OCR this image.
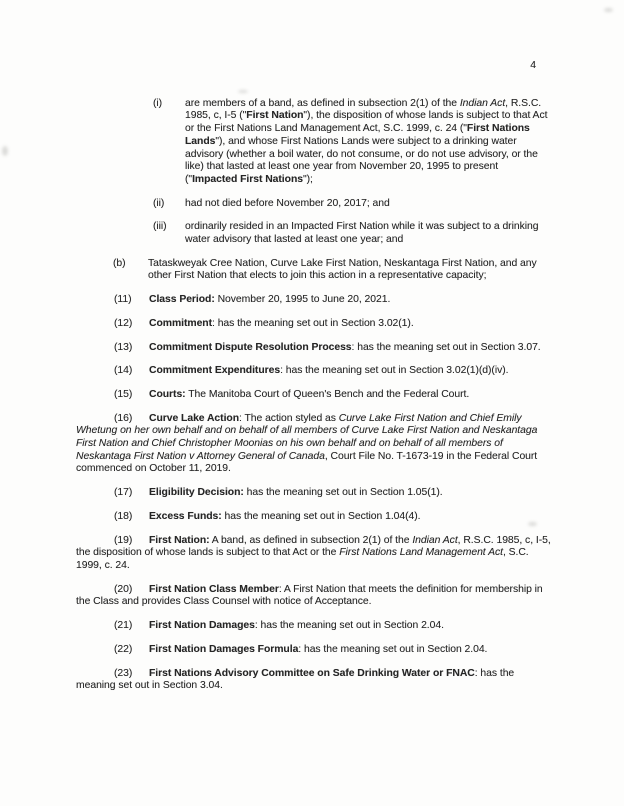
4

(i) are members of a band, as defined in subsection 2(1) of the Indian Act, R.S.C. 1985, c, I-5 ("First Nation"), the disposition of whose lands is subject to that Act or the First Nations Land Management Act, S.C. 1999, c. 24 ("First Nations Lands"), and whose First Nations Lands were subject to a drinking water advisory (whether a boil water, do not consume, or do not use advisory, or the like) that lasted at least one year from November 20, 1995 to present ("Impacted First Nations");

(ii) had not died before November 20, 2017; and

(iii) ordinarily resided in an Impacted First Nation while it was subject to a drinking water advisory that lasted at least one year; and

(b) Tataskweyak Cree Nation, Curve Lake First Nation, Neskantaga First Nation, and any other First Nation that elects to join this action in a representative capacity;

(11) Class Period: November 20, 1995 to June 20, 2021.

(12) Commitment: has the meaning set out in Section 3.02(1).

(13) Commitment Dispute Resolution Process: has the meaning set out in Section 3.07.

(14) Commitment Expenditures: has the meaning set out in Section 3.02(1)(d)(iv).

(15) Courts: The Manitoba Court of Queen's Bench and the Federal Court.

(16) Curve Lake Action: The action styled as Curve Lake First Nation and Chief Emily Whetung on her own behalf and on behalf of all members of Curve Lake First Nation and Neskantaga First Nation and Chief Christopher Moonias on his own behalf and on behalf of all members of Neskantaga First Nation v Attorney General of Canada, Court File No. T-1673-19 in the Federal Court commenced on October 11, 2019.

(17) Eligibility Decision: has the meaning set out in Section 1.05(1).

(18) Excess Funds: has the meaning set out in Section 1.04(4).

(19) First Nation: A band, as defined in subsection 2(1) of the Indian Act, R.S.C. 1985, c, I-5, the disposition of whose lands is subject to that Act or the First Nations Land Management Act, S.C. 1999, c. 24.

(20) First Nation Class Member: A First Nation that meets the definition for membership in the Class and provides Class Counsel with notice of Acceptance.

(21) First Nation Damages: has the meaning set out in Section 2.04.

(22) First Nation Damages Formula: has the meaning set out in Section 2.04.

(23) First Nations Advisory Committee on Safe Drinking Water or FNAC: has the meaning set out in Section 3.04.
